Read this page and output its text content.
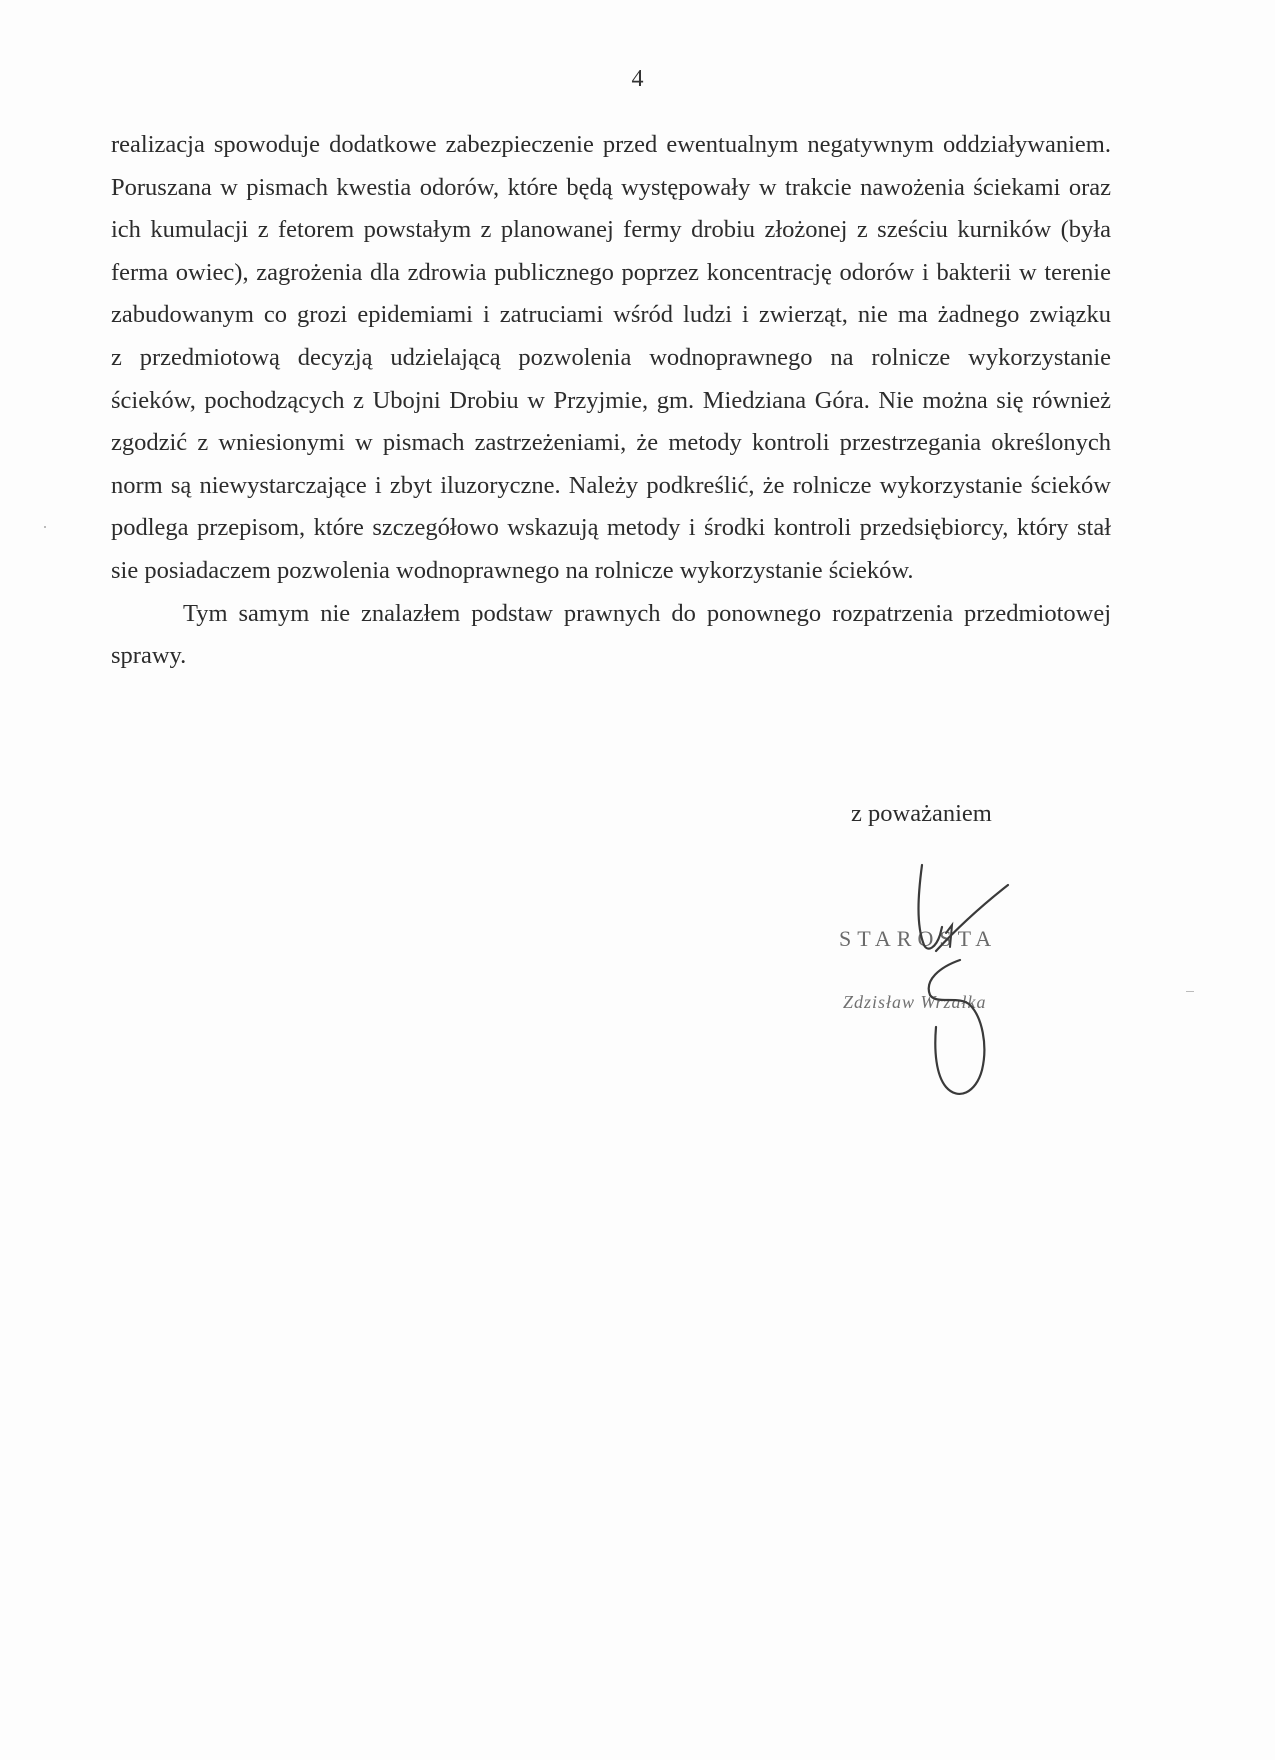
4
realizacja spowoduje dodatkowe zabezpieczenie przed ewentualnym negatywnym oddziaływaniem.
Poruszana w pismach kwestia odorów, które będą występowały w trakcie nawożenia ściekami oraz
ich kumulacji z fetorem powstałym z planowanej fermy drobiu złożonej z sześciu kurników (była
ferma owiec), zagrożenia dla zdrowia publicznego poprzez koncentrację odorów i bakterii w terenie
zabudowanym co grozi epidemiami i zatruciami wśród ludzi i zwierząt, nie ma żadnego związku
z przedmiotową decyzją udzielającą pozwolenia wodnoprawnego na rolnicze wykorzystanie
ścieków, pochodzących z Ubojni Drobiu w Przyjmie, gm. Miedziana Góra. Nie można się również
zgodzić z wniesionymi w pismach zastrzeżeniami, że metody kontroli przestrzegania określonych
norm są niewystarczające i zbyt iluzoryczne. Należy podkreślić, że rolnicze wykorzystanie ścieków
podlega przepisom, które szczegółowo wskazują metody i środki kontroli przedsiębiorcy, który stał
sie posiadaczem pozwolenia wodnoprawnego na rolnicze wykorzystanie ścieków.
Tym samym nie znalazłem podstaw prawnych do ponownego rozpatrzenia przedmiotowej
sprawy.
z poważaniem
STAROSTA
Zdzisław Wrzałka
